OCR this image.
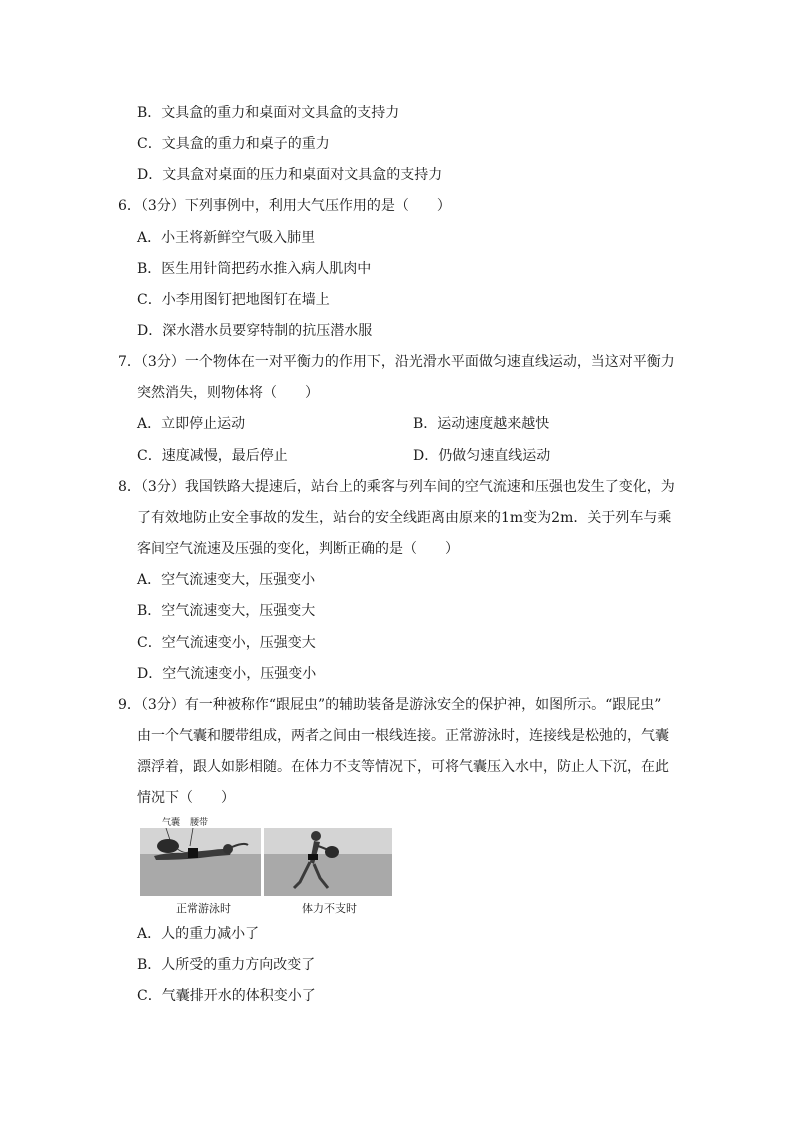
B．文具盒的重力和桌面对文具盒的支持力
C．文具盒的重力和桌子的重力
D．文具盒对桌面的压力和桌面对文具盒的支持力
6．（3分）下列事例中，利用大气压作用的是（　　）
A．小王将新鲜空气吸入肺里
B．医生用针筒把药水推入病人肌肉中
C．小李用图钉把地图钉在墙上
D．深水潜水员要穿特制的抗压潜水服
7．（3分）一个物体在一对平衡力的作用下，沿光滑水平面做匀速直线运动，当这对平衡力
突然消失，则物体将（　　）
A．立即停止运动	B．运动速度越来越快
C．速度减慢，最后停止	D．仍做匀速直线运动
8．（3分）我国铁路大提速后，站台上的乘客与列车间的空气流速和压强也发生了变化，为
了有效地防止安全事故的发生，站台的安全线距离由原来的1m变为2m．关于列车与乘
客间空气流速及压强的变化，判断正确的是（　　）
A．空气流速变大，压强变小
B．空气流速变大，压强变大
C．空气流速变小，压强变大
D．空气流速变小，压强变小
9．（3分）有一种被称作“跟屁虫”的辅助装备是游泳安全的保护神，如图所示。“跟屁虫”
由一个气囊和腰带组成，两者之间由一根线连接。正常游泳时，连接线是松弛的，气囊
漂浮着，跟人如影相随。在体力不支等情况下，可将气囊压入水中，防止人下沉，在此
情况下（　　）
气囊 腰带
正常游泳时	体力不支时
A．人的重力减小了
B．人所受的重力方向改变了
C．气囊排开水的体积变小了
